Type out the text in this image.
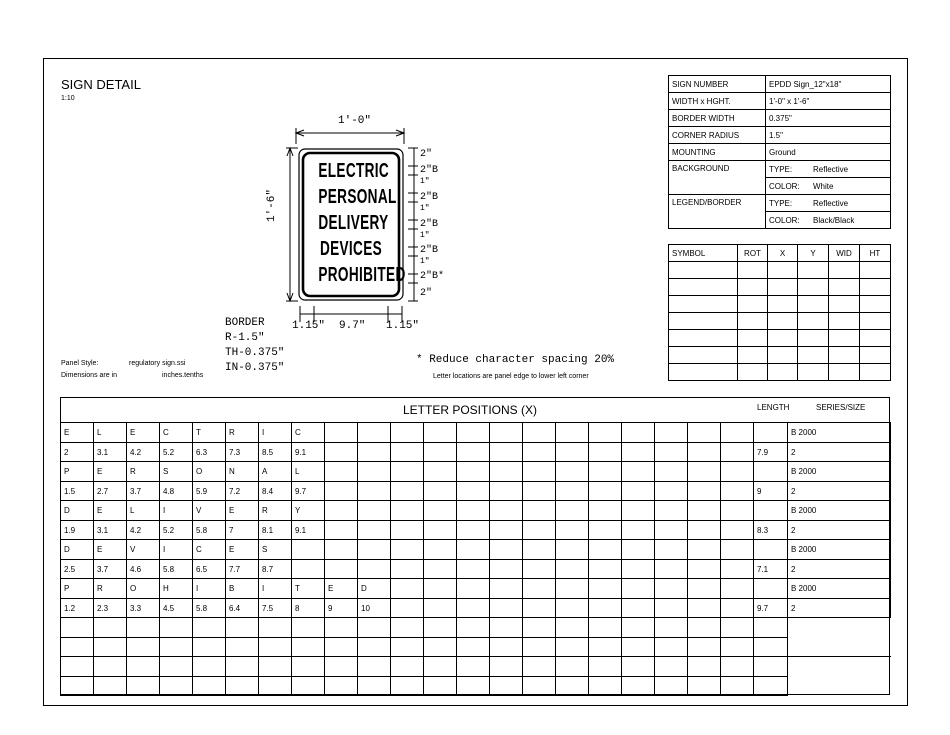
SIGN DETAIL
1:10
ELECTRIC
PERSONAL
DELIVERY
DEVICES
PROHIBITED
1'-0"
1'-6"
2"
2"B
1"
2"B
1"
2"B
1"
2"B
1"
2"B*
2"
1.15" 9.7" 1.15"
BORDER
R-1.5"
TH-0.375"
IN-0.375"
Panel Style:	regulatory sign.ssi
Dimensions are in	inches.tenths
* Reduce character spacing 20%
Letter locations are panel edge to lower left corner
SIGN NUMBER	EPDD Sign_12"x18"
WIDTH x HGHT.	1'-0" x 1'-6"
BORDER WIDTH	0.375"
CORNER RADIUS	1.5"
MOUNTING	Ground
BACKGROUND	TYPE: Reflective
	COLOR: White
LEGEND/BORDER	TYPE: Reflective
	COLOR: Black/Black
SYMBOL	ROT	X	Y	WID	HT

LETTER POSITIONS (X)	LENGTH	SERIES/SIZE
E	L	E	C	T	R	I	C															B 2000
2	3.1	4.2	5.2	6.3	7.3	8.5	9.1														7.9	2
P	E	R	S	O	N	A	L															B 2000
1.5	2.7	3.7	4.8	5.9	7.2	8.4	9.7														9	2
D	E	L	I	V	E	R	Y															B 2000
1.9	3.1	4.2	5.2	5.8	7	8.1	9.1														8.3	2
D	E	V	I	C	E	S																B 2000
2.5	3.7	4.6	5.8	6.5	7.7	8.7															7.1	2
P	R	O	H	I	B	I	T	E	D													B 2000
1.2	2.3	3.3	4.5	5.8	6.4	7.5	8	9	10												9.7	2
